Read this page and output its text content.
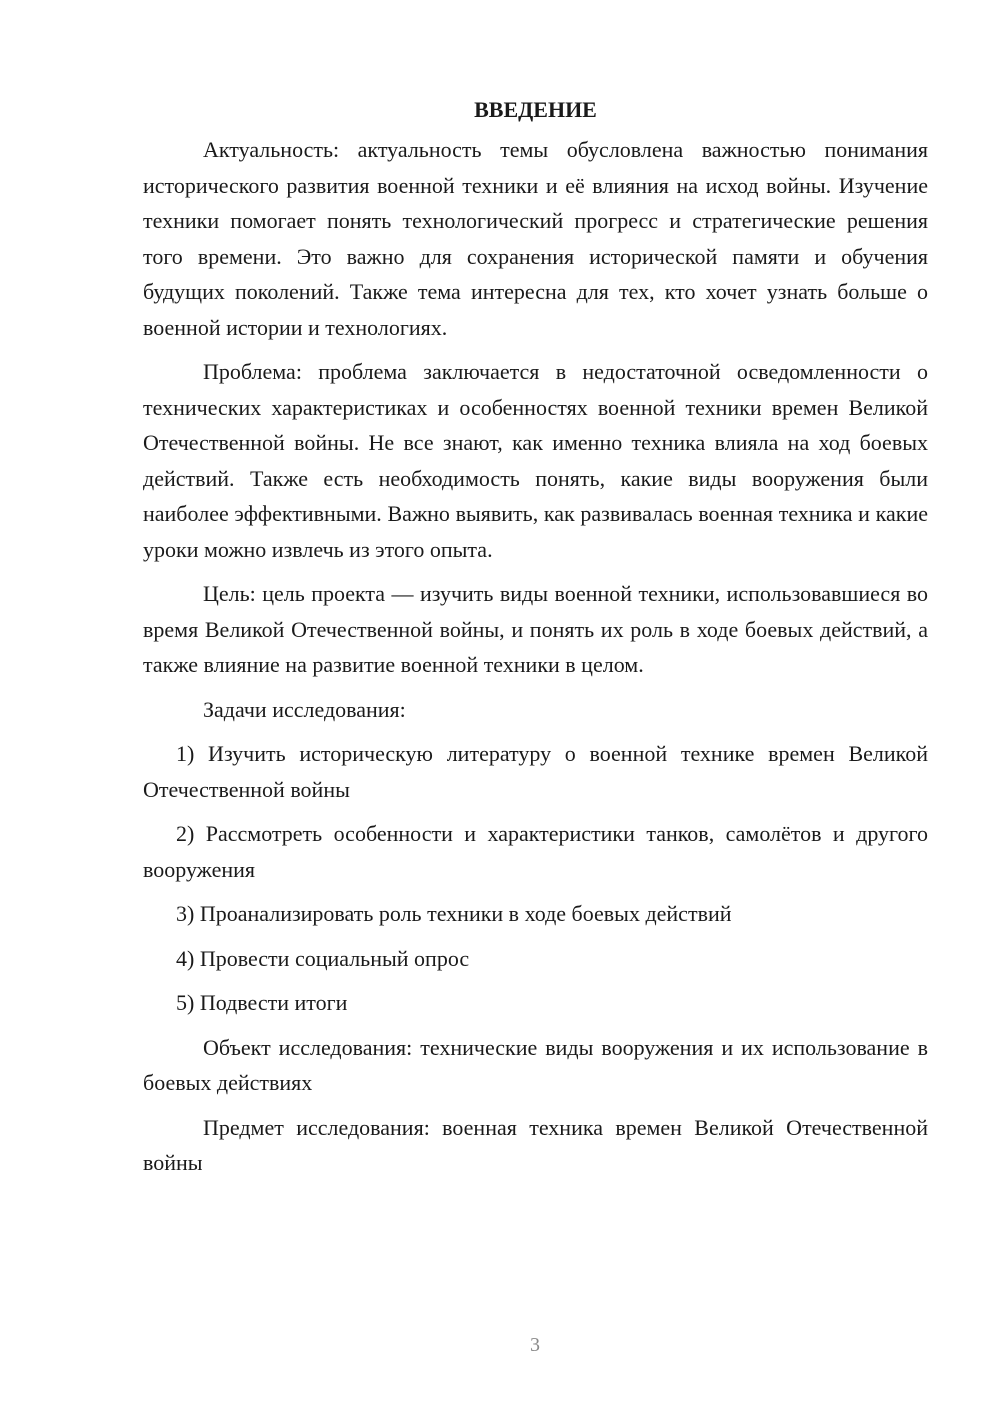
ВВЕДЕНИЕ

Актуальность: актуальность темы обусловлена важностью понимания исторического развития военной техники и её влияния на исход войны. Изучение техники помогает понять технологический прогресс и стратегические решения того времени. Это важно для сохранения исторической памяти и обучения будущих поколений. Также тема интересна для тех, кто хочет узнать больше о военной истории и технологиях.

Проблема: проблема заключается в недостаточной осведомленности о технических характеристиках и особенностях военной техники времен Великой Отечественной войны. Не все знают, как именно техника влияла на ход боевых действий. Также есть необходимость понять, какие виды вооружения были наиболее эффективными. Важно выявить, как развивалась военная техника и какие уроки можно извлечь из этого опыта.

Цель: цель проекта — изучить виды военной техники, использовавшиеся во время Великой Отечественной войны, и понять их роль в ходе боевых действий, а также влияние на развитие военной техники в целом.

Задачи исследования:

1) Изучить историческую литературу о военной технике времен Великой Отечественной войны

2) Рассмотреть особенности и характеристики танков, самолётов и другого вооружения

3) Проанализировать роль техники в ходе боевых действий

4) Провести социальный опрос

5) Подвести итоги

Объект исследования: технические виды вооружения и их использование в боевых действиях

Предмет исследования: военная техника времен Великой Отечественной войны

3
